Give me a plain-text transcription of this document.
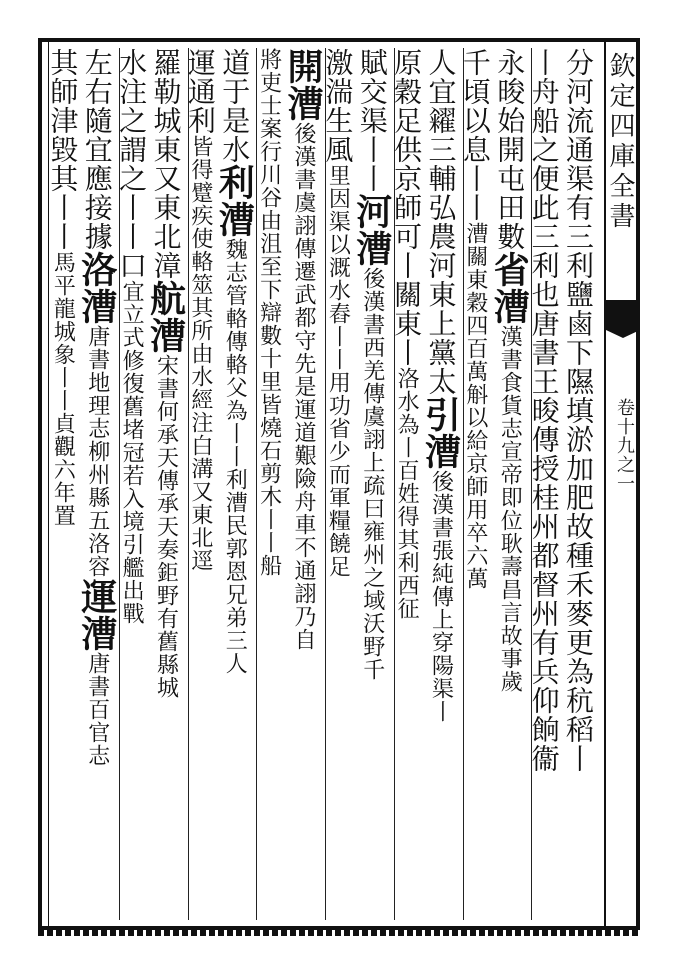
欽定四庫全書
卷十九之一
分河流通渠有三利鹽鹵下隰填淤加肥故種禾麥更為秔稻丨
丨舟船之便此三利也唐書王晙傳授桂州都督州有兵仰餉衞
永晙始開屯田數省漕漢書食貨志宣帝即位耿壽昌言故事歲
千頃以息丨丨漕關東穀四百萬斛以給京師用卒六萬
人宜糴三輔弘農河東上黨太引漕後漢書張純傳上穿陽渠丨
原穀足供京師可丨關東丨洛水為丨百姓得其利西征
賦交渠丨丨河漕後漢書西羌傳虞詡上疏曰雍州之域沃野千
激湍生風里因渠以溉水舂丨丨用功省少而軍糧饒足
開漕後漢書虞詡傳遷武都守先是運道艱險舟車不通詡乃自
將吏士案行川谷由沮至下辯數十里皆燒石剪木丨丨船
道于是水利漕魏志管輅傳輅父為丨丨利漕民郭恩兄弟三人
運通利皆得躄疾使輅筮其所由水經注白溝又東北逕
羅勒城東又東北漳航漕宋書何承天傳承天奏鉅野有舊縣城
水注之謂之丨丨口宜立式修復舊堵冠若入境引艦出戰
左右隨宜應接據洛漕唐書地理志柳州縣五洛容運漕唐書百官志
其師津毀其丨丨馬平龍城象丨丨貞觀六年置
